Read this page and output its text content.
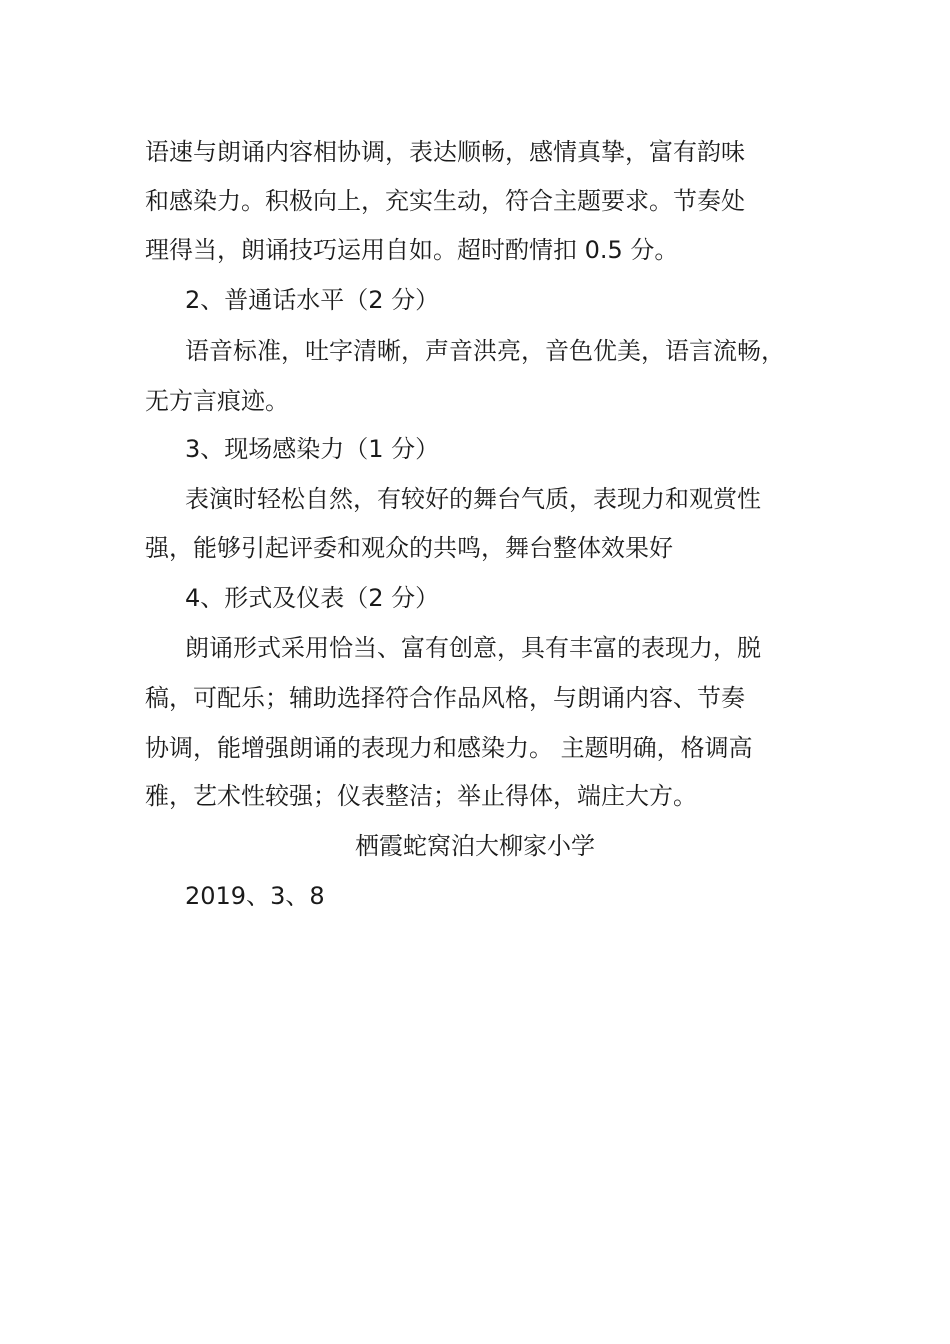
语速与朗诵内容相协调，表达顺畅，感情真挚，富有韵味
和感染力。积极向上，充实生动，符合主题要求。节奏处
理得当，朗诵技巧运用自如。超时酌情扣 0.5 分。
2、普通话水平（2 分）
语音标准，吐字清晰，声音洪亮，音色优美，语言流畅，
无方言痕迹。
3、现场感染力（1 分）
表演时轻松自然，有较好的舞台气质，表现力和观赏性
强，能够引起评委和观众的共鸣，舞台整体效果好
4、形式及仪表（2 分）
朗诵形式采用恰当、富有创意，具有丰富的表现力，脱
稿，可配乐；辅助选择符合作品风格，与朗诵内容、节奏
协调，能增强朗诵的表现力和感染力。 主题明确，格调高
雅，艺术性较强；仪表整洁；举止得体，端庄大方。
栖霞蛇窝泊大柳家小学
2019、3、8
